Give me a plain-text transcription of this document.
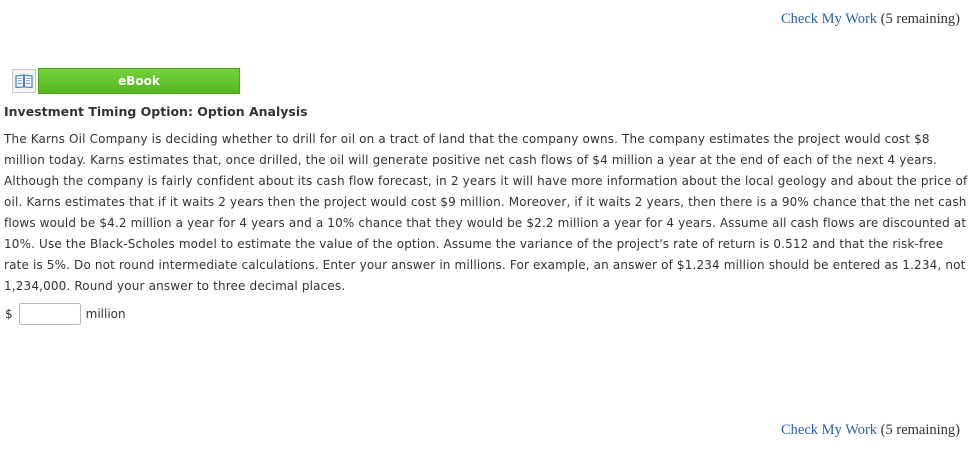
Check My Work (5 remaining)
eBook
Investment Timing Option: Option Analysis

The Karns Oil Company is deciding whether to drill for oil on a tract of land that the company owns. The company estimates the project would cost $8 million today. Karns estimates that, once drilled, the oil will generate positive net cash flows of $4 million a year at the end of each of the next 4 years. Although the company is fairly confident about its cash flow forecast, in 2 years it will have more information about the local geology and about the price of oil. Karns estimates that if it waits 2 years then the project would cost $9 million. Moreover, if it waits 2 years, then there is a 90% chance that the net cash flows would be $4.2 million a year for 4 years and a 10% chance that they would be $2.2 million a year for 4 years. Assume all cash flows are discounted at 10%. Use the Black-Scholes model to estimate the value of the option. Assume the variance of the project's rate of return is 0.512 and that the risk-free rate is 5%. Do not round intermediate calculations. Enter your answer in millions. For example, an answer of $1.234 million should be entered as 1.234, not 1,234,000. Round your answer to three decimal places.

$	million
Check My Work (5 remaining)
